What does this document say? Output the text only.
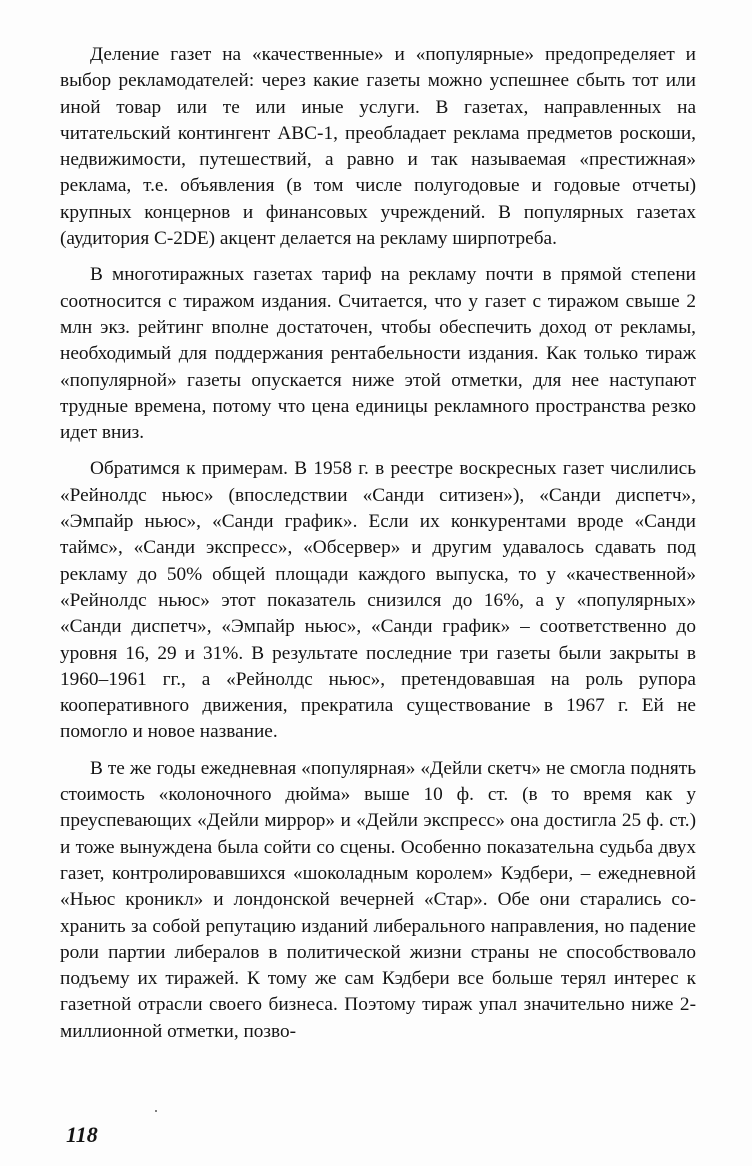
Деление газет на «качественные» и «популярные» предопределяет и выбор рекламодателей: через какие газеты можно успешнее сбыть тот или иной товар или те или иные услуги. В газетах, направленных на читательский контингент АВС-1, преобладает реклама предметов роскоши, недвижимости, путешествий, а равно и так называемая «престижная» реклама, т.е. объявления (в том числе полугодовые и годовые отчеты) крупных концернов и финансовых учреждений. В популярных газетах (аудитория С-2DE) акцент делается на рекламу ширпотреба.

В многотиражных газетах тариф на рекламу почти в прямой степени соотносится с тиражом издания. Считается, что у газет с тиражом свыше 2 млн экз. рейтинг вполне достаточен, чтобы обеспечить доход от рекламы, необходимый для поддержания рентабельности издания. Как только тираж «популярной» газеты опускается ниже этой отметки, для нее наступают трудные времена, потому что цена единицы рекламного пространства резко идет вниз.

Обратимся к примерам. В 1958 г. в реестре воскресных газет числились «Рейнолдс ньюс» (впоследствии «Санди ситизен»), «Санди диспетч», «Эмпайр ньюс», «Санди график». Если их конкурентами вроде «Санди таймс», «Санди экспресс», «Обсервер» и другим удавалось сдавать под рекламу до 50% общей площади каждого выпуска, то у «качественной» «Рейнолдс ньюс» этот показатель снизился до 16%, а у «популярных» «Санди диспетч», «Эмпайр ньюс», «Санди график» – соответственно до уровня 16, 29 и 31%. В результате последние три газеты были закрыты в 1960–1961 гг., а «Рейнолдс ньюс», претендовавшая на роль рупора кооперативного движения, прекратила существование в 1967 г. Ей не помогло и новое название.

В те же годы ежедневная «популярная» «Дейли скетч» не смогла поднять стоимость «колоночного дюйма» выше 10 ф. ст. (в то время как у преуспевающих «Дейли миррор» и «Дейли экспресс» она достигла 25 ф. ст.) и тоже вынуждена была сойти со сцены. Особенно показательна судьба двух газет, контролировавшихся «шоколадным королем» Кэдбери, – ежедневной «Ньюс кроникл» и лондонской вечерней «Стар». Обе они старались сохранить за собой репутацию изданий либерального направления, но падение роли партии либералов в политической жизни страны не способствовало подъему их тиражей. К тому же сам Кэдбери все больше терял интерес к газетной отрасли своего бизнеса. Поэтому тираж упал значительно ниже 2-миллионной отметки, позво-

118
